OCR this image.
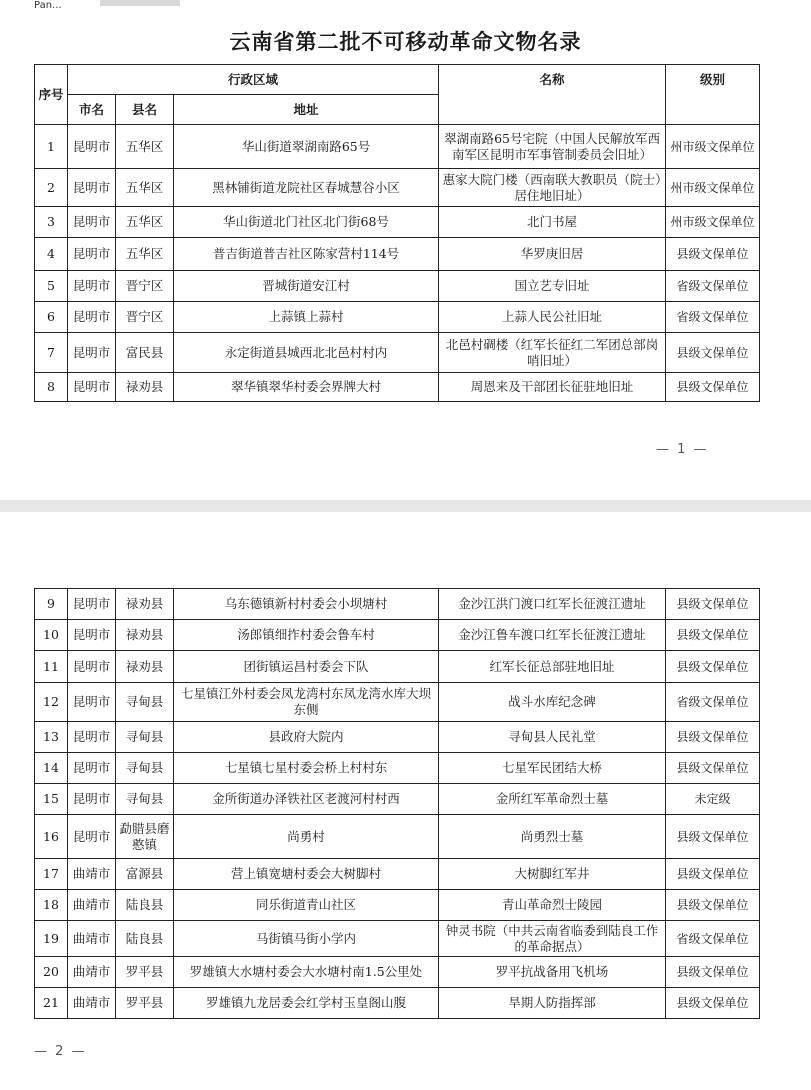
Pan...
云南省第二批不可移动革命文物名录
序号	行政区域			名称	级别
	市名	县名	地址		
1	昆明市	五华区	华山街道翠湖南路65号	翠湖南路65号宅院（中国人民解放军西南军区昆明市军事管制委员会旧址）	州市级文保单位
2	昆明市	五华区	黑林铺街道龙院社区春城慧谷小区	惠家大院门楼（西南联大教职员（院士）居住地旧址）	州市级文保单位
3	昆明市	五华区	华山街道北门社区北门街68号	北门书屋	州市级文保单位
4	昆明市	五华区	普吉街道普吉社区陈家营村114号	华罗庚旧居	县级文保单位
5	昆明市	晋宁区	晋城街道安江村	国立艺专旧址	省级文保单位
6	昆明市	晋宁区	上蒜镇上蒜村	上蒜人民公社旧址	省级文保单位
7	昆明市	富民县	永定街道县城西北北邑村村内	北邑村碉楼（红军长征红二军团总部岗哨旧址）	县级文保单位
8	昆明市	禄劝县	翠华镇翠华村委会界牌大村	周恩来及干部团长征驻地旧址	县级文保单位
— 1 —
— 2 —
9	昆明市	禄劝县	乌东德镇新村村委会小坝塘村	金沙江洪门渡口红军长征渡江遗址	县级文保单位
10	昆明市	禄劝县	汤郎镇细拃村委会鲁车村	金沙江鲁车渡口红军长征渡江遗址	县级文保单位
11	昆明市	禄劝县	团街镇运昌村委会下队	红军长征总部驻地旧址	县级文保单位
12	昆明市	寻甸县	七星镇江外村委会凤龙湾村东凤龙湾水库大坝东侧	战斗水库纪念碑	省级文保单位
13	昆明市	寻甸县	县政府大院内	寻甸县人民礼堂	县级文保单位
14	昆明市	寻甸县	七星镇七星村委会桥上村村东	七星军民团结大桥	县级文保单位
15	昆明市	寻甸县	金所街道办泽铁社区老渡河村村西	金所红军革命烈士墓	未定级
16	昆明市	勐腊县磨憨镇	尚勇村	尚勇烈士墓	县级文保单位
17	曲靖市	富源县	营上镇宽塘村委会大树脚村	大树脚红军井	县级文保单位
18	曲靖市	陆良县	同乐街道青山社区	青山革命烈士陵园	县级文保单位
19	曲靖市	陆良县	马街镇马街小学内	钟灵书院（中共云南省临委到陆良工作的革命据点）	省级文保单位
20	曲靖市	罗平县	罗雄镇大水塘村委会大水塘村南1.5公里处	罗平抗战备用飞机场	县级文保单位
21	曲靖市	罗平县	罗雄镇九龙居委会红学村玉皇阁山腹	旱期人防指挥部	县级文保单位
